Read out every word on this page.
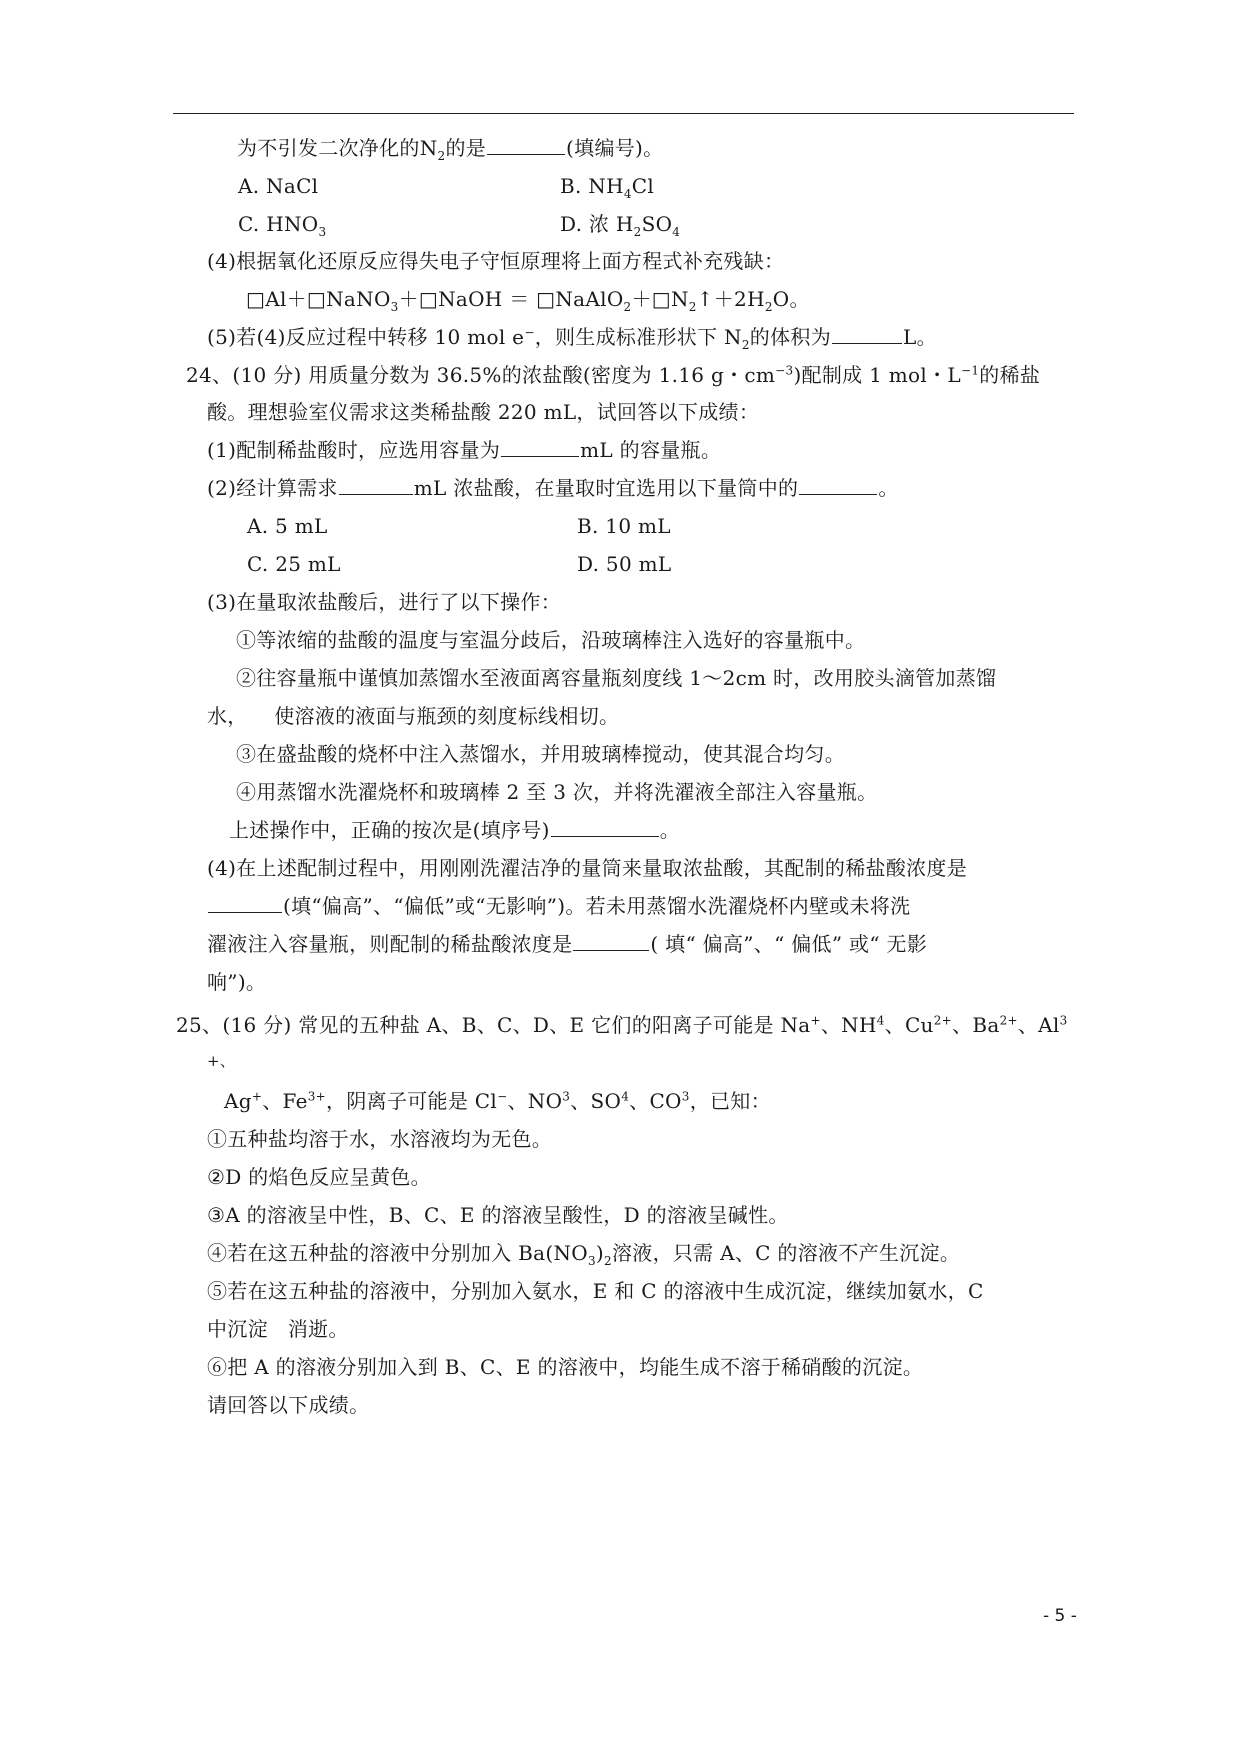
为不引发二次净化的$N_2$的是	(填编号)。
A. NaCl	B. $NH_4Cl$
C. $HNO_3$	D. 浓 $H_2SO_4$
(4)根据氧化还原反应得失电子守恒原理将上面方程式补充残缺：
□Al＋□NaNO$_3$＋□NaOH ＝ $□NaAlO_2+□N_2↑+2H_2O$。
(5)若(4)反应过程中转移 10 mol e−，则生成标准形状下 $N_2$的体积为	L。
24、(10 分) 用质量分数为 36.5%的浓盐酸(密度为 1.16 g・$cm^{-3}$)配制成 1 mol・$L^{-1}$的稀盐
酸。理想验室仪需求这类稀盐酸 220 mL，试回答以下成绩：
(1)配制稀盐酸时，应选用容量为	mL 的容量瓶。
(2)经计算需求	mL 浓盐酸，在量取时宜选用以下量筒中的	。
A. 5 mL	B. 10 mL
C. 25 mL	D. 50 mL
(3)在量取浓盐酸后，进行了以下操作：
①等浓缩的盐酸的温度与室温分歧后，沿玻璃棒注入选好的容量瓶中。
②往容量瓶中谨慎加蒸馏水至液面离容量瓶刻度线 1～2cm 时，改用胶头滴管加蒸馏
水，    使溶液的液面与瓶颈的刻度标线相切。
③在盛盐酸的烧杯中注入蒸馏水，并用玻璃棒搅动，使其混合均匀。
④用蒸馏水洗濯烧杯和玻璃棒 2 至 3 次，并将洗濯液全部注入容量瓶。
上述操作中，正确的按次是(填序号)	。
(4)在上述配制过程中，用刚刚洗濯洁净的量筒来量取浓盐酸，其配制的稀盐酸浓度是
(填“偏高”、“偏低”或“无影响”)。若未用蒸馏水洗濯烧杯内壁或未将洗
濯液注入容量瓶，则配制的稀盐酸浓度是	( 填“ 偏高”、“ 偏低” 或“ 无影
响”)。
25、(16 分) 常见的五种盐 A、B、C、D、E 它们的阳离子可能是 Na+、$NH^4$、$Cu^{2+}$、$Ba^{2+}$、$Al^3$
+、
Ag+、$Fe^{3+}$，阴离子可能是 Cl−、$NO^3$、$SO^4$、$CO^3$，已知：
①五种盐均溶于水，水溶液均为无色。
②D 的焰色反应呈黄色。
③A 的溶液呈中性，B、C、E 的溶液呈酸性，D 的溶液呈碱性。
④若在这五种盐的溶液中分别加入 $Ba(NO_3)_2$溶液，只需 A、C 的溶液不产生沉淀。
⑤若在这五种盐的溶液中，分别加入氨水，E 和 C 的溶液中生成沉淀，继续加氨水，C
中沉淀   消逝。
⑥把 A 的溶液分别加入到 B、C、E 的溶液中，均能生成不溶于稀硝酸的沉淀。
请回答以下成绩。
- 5 -
